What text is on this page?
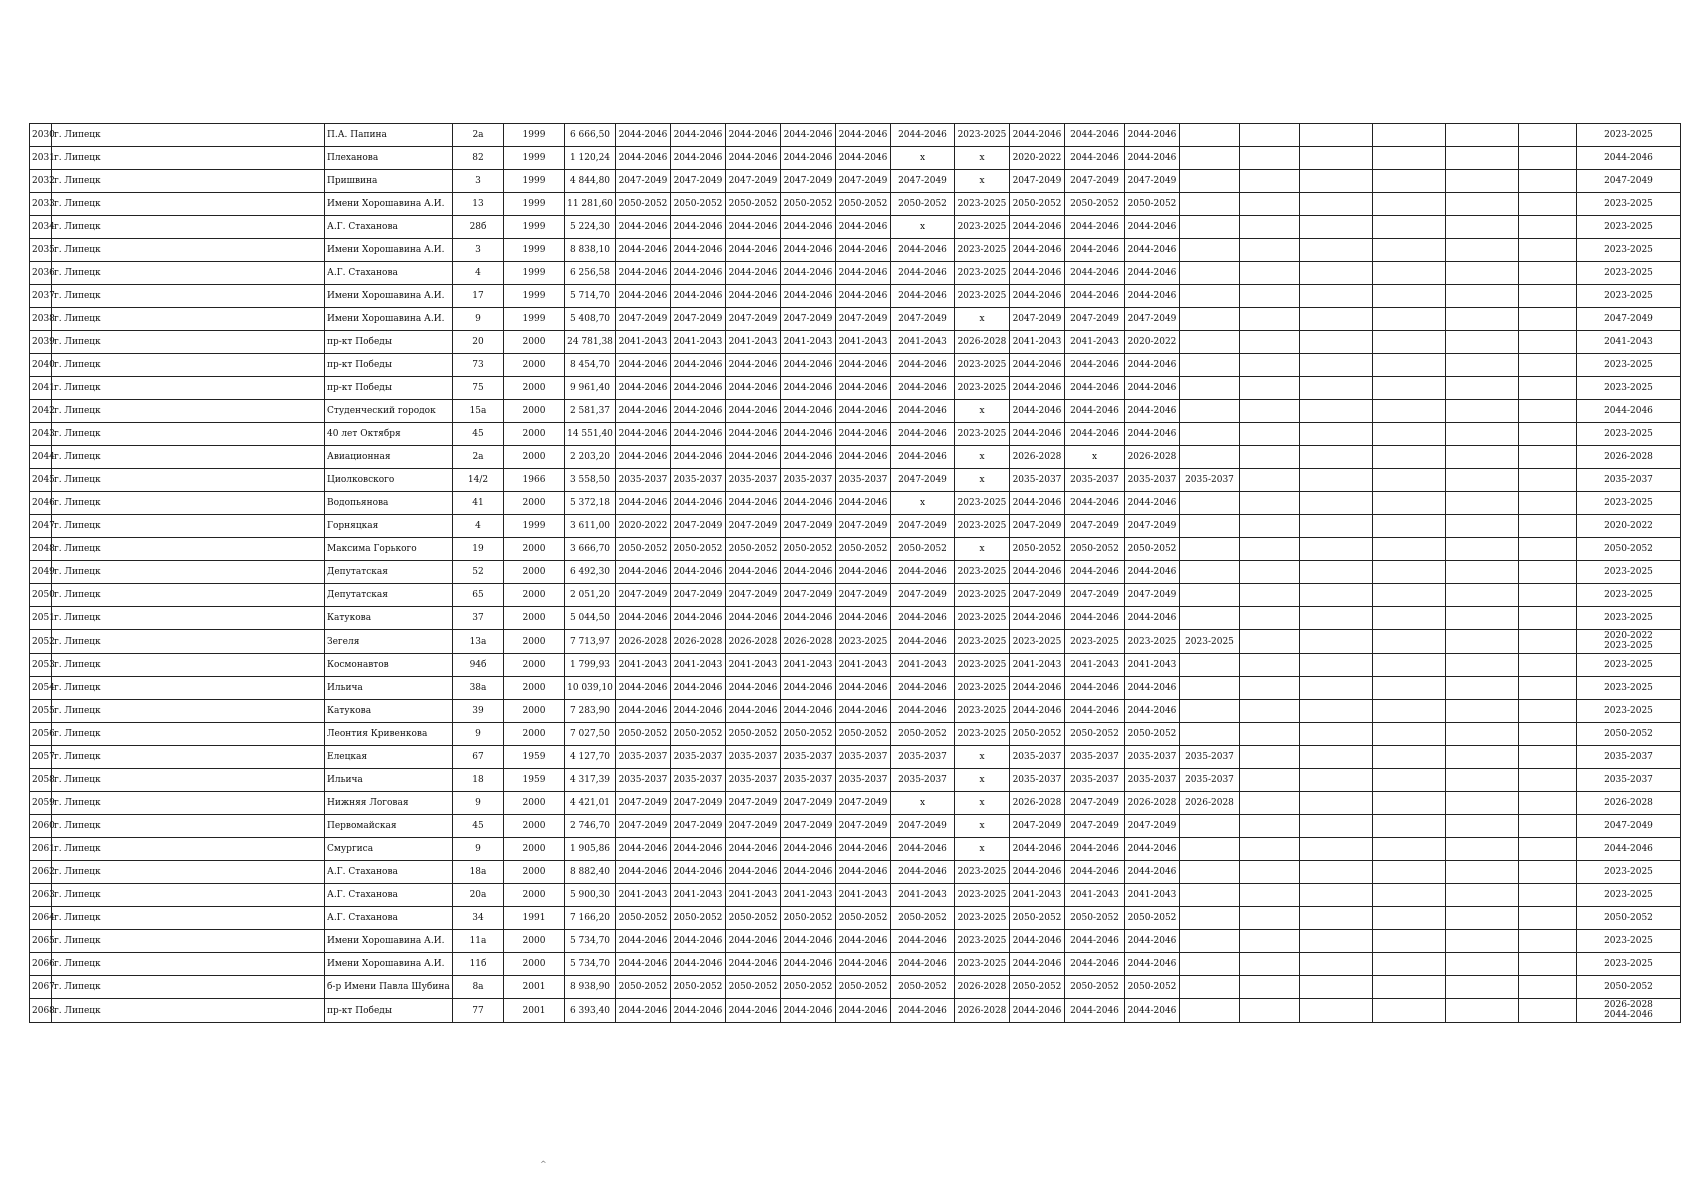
2030	г. Липецк	П.А. Папина	2а	1999	6 666,50	2044-2046	2044-2046	2044-2046	2044-2046	2044-2046	2044-2046	2023-2025	2044-2046	2044-2046	2044-2046							2023-2025
2031	г. Липецк	Плеханова	82	1999	1 120,24	2044-2046	2044-2046	2044-2046	2044-2046	2044-2046	x	x	2020-2022	2044-2046	2044-2046							2044-2046
2032	г. Липецк	Пришвина	3	1999	4 844,80	2047-2049	2047-2049	2047-2049	2047-2049	2047-2049	2047-2049	x	2047-2049	2047-2049	2047-2049							2047-2049
2033	г. Липецк	Имени Хорошавина А.И.	13	1999	11 281,60	2050-2052	2050-2052	2050-2052	2050-2052	2050-2052	2050-2052	2023-2025	2050-2052	2050-2052	2050-2052							2023-2025
2034	г. Липецк	А.Г. Стаханова	28б	1999	5 224,30	2044-2046	2044-2046	2044-2046	2044-2046	2044-2046	x	2023-2025	2044-2046	2044-2046	2044-2046							2023-2025
2035	г. Липецк	Имени Хорошавина А.И.	3	1999	8 838,10	2044-2046	2044-2046	2044-2046	2044-2046	2044-2046	2044-2046	2023-2025	2044-2046	2044-2046	2044-2046							2023-2025
2036	г. Липецк	А.Г. Стаханова	4	1999	6 256,58	2044-2046	2044-2046	2044-2046	2044-2046	2044-2046	2044-2046	2023-2025	2044-2046	2044-2046	2044-2046							2023-2025
2037	г. Липецк	Имени Хорошавина А.И.	17	1999	5 714,70	2044-2046	2044-2046	2044-2046	2044-2046	2044-2046	2044-2046	2023-2025	2044-2046	2044-2046	2044-2046							2023-2025
2038	г. Липецк	Имени Хорошавина А.И.	9	1999	5 408,70	2047-2049	2047-2049	2047-2049	2047-2049	2047-2049	2047-2049	x	2047-2049	2047-2049	2047-2049							2047-2049
2039	г. Липецк	пр-кт Победы	20	2000	24 781,38	2041-2043	2041-2043	2041-2043	2041-2043	2041-2043	2041-2043	2026-2028	2041-2043	2041-2043	2020-2022							2041-2043
2040	г. Липецк	пр-кт Победы	73	2000	8 454,70	2044-2046	2044-2046	2044-2046	2044-2046	2044-2046	2044-2046	2023-2025	2044-2046	2044-2046	2044-2046							2023-2025
2041	г. Липецк	пр-кт Победы	75	2000	9 961,40	2044-2046	2044-2046	2044-2046	2044-2046	2044-2046	2044-2046	2023-2025	2044-2046	2044-2046	2044-2046							2023-2025
2042	г. Липецк	Студенческий городок	15а	2000	2 581,37	2044-2046	2044-2046	2044-2046	2044-2046	2044-2046	2044-2046	x	2044-2046	2044-2046	2044-2046							2044-2046
2043	г. Липецк	40 лет Октября	45	2000	14 551,40	2044-2046	2044-2046	2044-2046	2044-2046	2044-2046	2044-2046	2023-2025	2044-2046	2044-2046	2044-2046							2023-2025
2044	г. Липецк	Авиационная	2а	2000	2 203,20	2044-2046	2044-2046	2044-2046	2044-2046	2044-2046	2044-2046	x	2026-2028	x	2026-2028							2026-2028
2045	г. Липецк	Циолковского	14/2	1966	3 558,50	2035-2037	2035-2037	2035-2037	2035-2037	2035-2037	2047-2049	x	2035-2037	2035-2037	2035-2037	2035-2037						2035-2037
2046	г. Липецк	Водопьянова	41	2000	5 372,18	2044-2046	2044-2046	2044-2046	2044-2046	2044-2046	x	2023-2025	2044-2046	2044-2046	2044-2046							2023-2025
2047	г. Липецк	Горняцкая	4	1999	3 611,00	2020-2022	2047-2049	2047-2049	2047-2049	2047-2049	2047-2049	2023-2025	2047-2049	2047-2049	2047-2049							2020-2022
2048	г. Липецк	Максима Горького	19	2000	3 666,70	2050-2052	2050-2052	2050-2052	2050-2052	2050-2052	2050-2052	x	2050-2052	2050-2052	2050-2052							2050-2052
2049	г. Липецк	Депутатская	52	2000	6 492,30	2044-2046	2044-2046	2044-2046	2044-2046	2044-2046	2044-2046	2023-2025	2044-2046	2044-2046	2044-2046							2023-2025
2050	г. Липецк	Депутатская	65	2000	2 051,20	2047-2049	2047-2049	2047-2049	2047-2049	2047-2049	2047-2049	2023-2025	2047-2049	2047-2049	2047-2049							2023-2025
2051	г. Липецк	Катукова	37	2000	5 044,50	2044-2046	2044-2046	2044-2046	2044-2046	2044-2046	2044-2046	2023-2025	2044-2046	2044-2046	2044-2046							2023-2025
2052	г. Липецк	Зегеля	13а	2000	7 713,97	2026-2028	2026-2028	2026-2028	2026-2028	2023-2025	2044-2046	2023-2025	2023-2025	2023-2025	2023-2025	2023-2025						2020-2022
2023-2025

2053	г. Липецк	Космонавтов	94б	2000	1 799,93	2041-2043	2041-2043	2041-2043	2041-2043	2041-2043	2041-2043	2023-2025	2041-2043	2041-2043	2041-2043							2023-2025
2054	г. Липецк	Ильича	38а	2000	10 039,10	2044-2046	2044-2046	2044-2046	2044-2046	2044-2046	2044-2046	2023-2025	2044-2046	2044-2046	2044-2046							2023-2025
2055	г. Липецк	Катукова	39	2000	7 283,90	2044-2046	2044-2046	2044-2046	2044-2046	2044-2046	2044-2046	2023-2025	2044-2046	2044-2046	2044-2046							2023-2025
2056	г. Липецк	Леонтия Кривенкова	9	2000	7 027,50	2050-2052	2050-2052	2050-2052	2050-2052	2050-2052	2050-2052	2023-2025	2050-2052	2050-2052	2050-2052							2050-2052
2057	г. Липецк	Елецкая	67	1959	4 127,70	2035-2037	2035-2037	2035-2037	2035-2037	2035-2037	2035-2037	x	2035-2037	2035-2037	2035-2037	2035-2037						2035-2037
2058	г. Липецк	Ильича	18	1959	4 317,39	2035-2037	2035-2037	2035-2037	2035-2037	2035-2037	2035-2037	x	2035-2037	2035-2037	2035-2037	2035-2037						2035-2037
2059	г. Липецк	Нижняя Логовая	9	2000	4 421,01	2047-2049	2047-2049	2047-2049	2047-2049	2047-2049	x	x	2026-2028	2047-2049	2026-2028	2026-2028						2026-2028
2060	г. Липецк	Первомайская	45	2000	2 746,70	2047-2049	2047-2049	2047-2049	2047-2049	2047-2049	2047-2049	x	2047-2049	2047-2049	2047-2049							2047-2049
2061	г. Липецк	Смургиса	9	2000	1 905,86	2044-2046	2044-2046	2044-2046	2044-2046	2044-2046	2044-2046	x	2044-2046	2044-2046	2044-2046							2044-2046
2062	г. Липецк	А.Г. Стаханова	18а	2000	8 882,40	2044-2046	2044-2046	2044-2046	2044-2046	2044-2046	2044-2046	2023-2025	2044-2046	2044-2046	2044-2046							2023-2025
2063	г. Липецк	А.Г. Стаханова	20а	2000	5 900,30	2041-2043	2041-2043	2041-2043	2041-2043	2041-2043	2041-2043	2023-2025	2041-2043	2041-2043	2041-2043							2023-2025
2064	г. Липецк	А.Г. Стаханова	34	1991	7 166,20	2050-2052	2050-2052	2050-2052	2050-2052	2050-2052	2050-2052	2023-2025	2050-2052	2050-2052	2050-2052							2050-2052
2065	г. Липецк	Имени Хорошавина А.И.	11а	2000	5 734,70	2044-2046	2044-2046	2044-2046	2044-2046	2044-2046	2044-2046	2023-2025	2044-2046	2044-2046	2044-2046							2023-2025
2066	г. Липецк	Имени Хорошавина А.И.	11б	2000	5 734,70	2044-2046	2044-2046	2044-2046	2044-2046	2044-2046	2044-2046	2023-2025	2044-2046	2044-2046	2044-2046							2023-2025
2067	г. Липецк	б-р Имени Павла Шубина	8а	2001	8 938,90	2050-2052	2050-2052	2050-2052	2050-2052	2050-2052	2050-2052	2026-2028	2050-2052	2050-2052	2050-2052							2050-2052
2068	г. Липецк	пр-кт Победы	77	2001	6 393,40	2044-2046	2044-2046	2044-2046	2044-2046	2044-2046	2044-2046	2026-2028	2044-2046	2044-2046	2044-2046							2026-2028
2044-2046
^
